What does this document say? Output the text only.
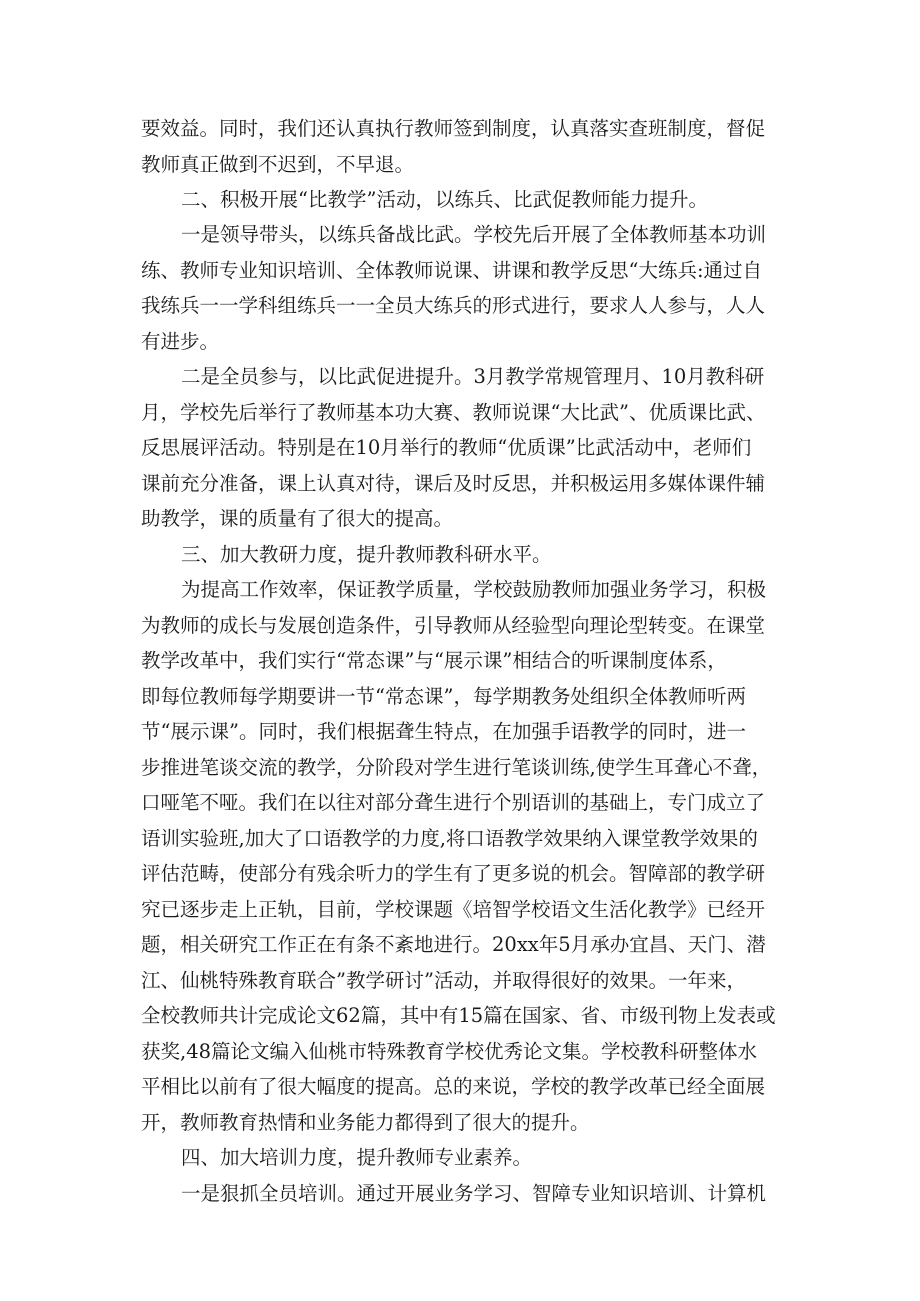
要效益。同时，我们还认真执行教师签到制度，认真落实查班制度，督促
教师真正做到不迟到，不早退。
二、积极开展“比教学”活动，以练兵、比武促教师能力提升。
一是领导带头，以练兵备战比武。学校先后开展了全体教师基本功训
练、教师专业知识培训、全体教师说课、讲课和教学反思“大练兵:通过自
我练兵一一学科组练兵一一全员大练兵的形式进行，要求人人参与，人人
有进步。
二是全员参与，以比武促进提升。3月教学常规管理月、10月教科研
月，学校先后举行了教师基本功大赛、教师说课“大比武”、优质课比武、
反思展评活动。特别是在10月举行的教师“优质课”比武活动中，老师们
课前充分准备，课上认真对待，课后及时反思，并积极运用多媒体课件辅
助教学，课的质量有了很大的提高。
三、加大教研力度，提升教师教科研水平。
为提高工作效率，保证教学质量，学校鼓励教师加强业务学习，积极
为教师的成长与发展创造条件，引导教师从经验型向理论型转变。在课堂
教学改革中，我们实行“常态课”与“展示课”相结合的听课制度体系，
即每位教师每学期要讲一节“常态课”，每学期教务处组织全体教师听两
节“展示课”。同时，我们根据聋生特点，在加强手语教学的同时，进一
步推进笔谈交流的教学，分阶段对学生进行笔谈训练,使学生耳聋心不聋，
口哑笔不哑。我们在以往对部分聋生进行个别语训的基础上，专门成立了
语训实验班,加大了口语教学的力度,将口语教学效果纳入课堂教学效果的
评估范畴，使部分有残余听力的学生有了更多说的机会。智障部的教学研
究已逐步走上正轨，目前，学校课题《培智学校语文生活化教学》已经开
题，相关研究工作正在有条不紊地进行。20xx年5月承办宜昌、天门、潜
江、仙桃特殊教育联合”教学研讨”活动，并取得很好的效果。一年来，
全校教师共计完成论文62篇，其中有15篇在国家、省、市级刊物上发表或
获奖,48篇论文编入仙桃市特殊教育学校优秀论文集。学校教科研整体水
平相比以前有了很大幅度的提高。总的来说，学校的教学改革已经全面展
开，教师教育热情和业务能力都得到了很大的提升。
四、加大培训力度，提升教师专业素养。
一是狠抓全员培训。通过开展业务学习、智障专业知识培训、计算机
